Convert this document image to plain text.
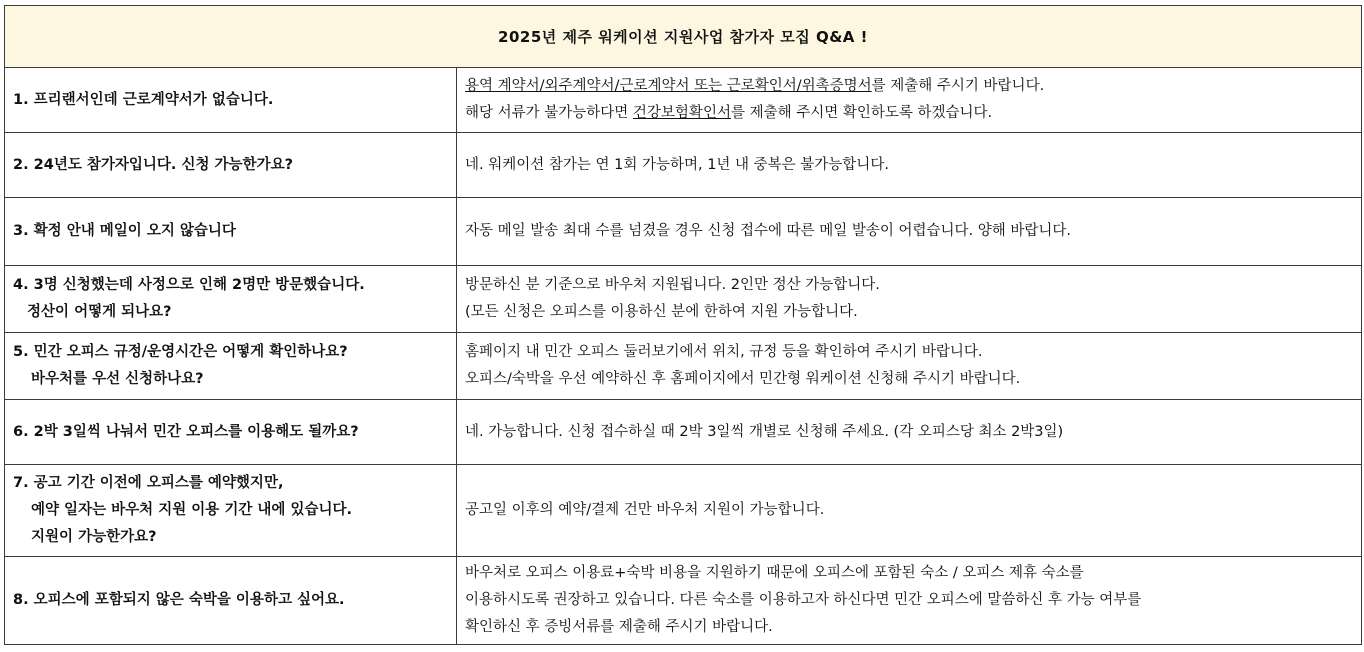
2025년 제주 워케이션 지원사업 참가자 모집 Q&A !	

1. 프리랜서인데 근로계약서가 없습니다.	용역 계약서/외주계약서/근로계약서 또는 근로확인서/위촉증명서를 제출해 주시기 바랍니다.
해당 서류가 불가능하다면 건강보험확인서를 제출해 주시면 확인하도록 하겠습니다.

2. 24년도 참가자입니다. 신청 가능한가요?	네. 워케이션 참가는 연 1회 가능하며, 1년 내 중복은 불가능합니다.

3. 확정 안내 메일이 오지 않습니다	자동 메일 발송 최대 수를 넘겼을 경우 신청 접수에 따른 메일 발송이 어렵습니다. 양해 바랍니다.

4. 3명 신청했는데 사정으로 인해 2명만 방문했습니다.
정산이 어떻게 되나요?	방문하신 분 기준으로 바우처 지원됩니다. 2인만 정산 가능합니다.
(모든 신청은 오피스를 이용하신 분에 한하여 지원 가능합니다.

5. 민간 오피스 규정/운영시간은 어떻게 확인하나요?
바우처를 우선 신청하나요?	홈페이지 내 민간 오피스 둘러보기에서 위치, 규정 등을 확인하여 주시기 바랍니다.
오피스/숙박을 우선 예약하신 후 홈페이지에서 민간형 워케이션 신청해 주시기 바랍니다.

6. 2박 3일씩 나눠서 민간 오피스를 이용해도 될까요?	네. 가능합니다. 신청 접수하실 때 2박 3일씩 개별로 신청해 주세요. (각 오피스당 최소 2박3일)

7. 공고 기간 이전에 오피스를 예약했지만,
예약 일자는 바우처 지원 이용 기간 내에 있습니다.
지원이 가능한가요?	공고일 이후의 예약/결제 건만 바우처 지원이 가능합니다.

8. 오피스에 포함되지 않은 숙박을 이용하고 싶어요.	바우처로 오피스 이용료+숙박 비용을 지원하기 때문에 오피스에 포함된 숙소 / 오피스 제휴 숙소를
이용하시도록 권장하고 있습니다. 다른 숙소를 이용하고자 하신다면 민간 오피스에 말씀하신 후 가능 여부를
확인하신 후 증빙서류를 제출해 주시기 바랍니다.
